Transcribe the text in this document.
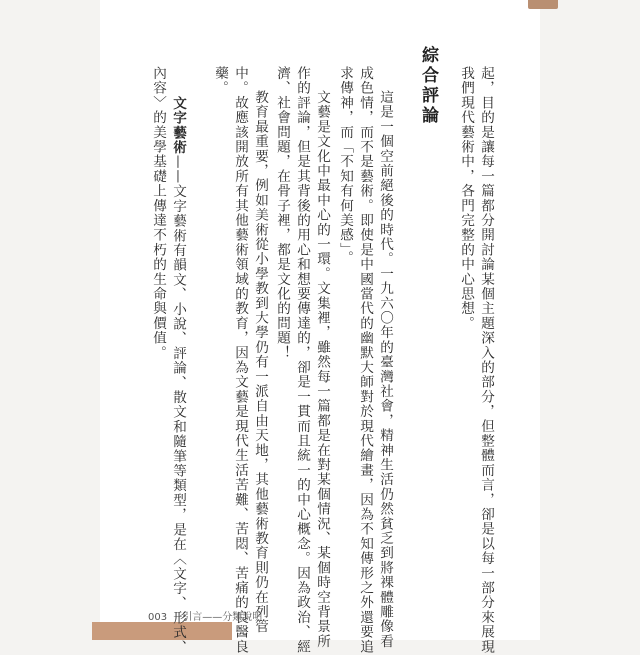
起，目的是讓每一篇都分開討論某個主題深入的部分，但整體而言，卻是以每一部分來展現
我們現代藝術中，各門完整的中心思想。
綜合評論
這是一個空前絕後的時代。一九六〇年的臺灣社會，精神生活仍然貧乏到將裸體雕像看
成色情，而不是藝術。即使是中國當代的幽默大師對於現代繪畫，因為不知傳形之外還要追
求傳神，而「不知有何美感」。
文藝是文化中最中心的一環。文集裡，雖然每一篇都是在對某個情況、某個時空背景所
作的評論，但是其背後的用心和想要傳達的，卻是一貫而且統一的中心概念。因為政治、經
濟、社會問題，在骨子裡，都是文化的問題！
教育最重要，例如美術從小學教到大學仍有一派自由天地，其他藝術教育則仍在列管
中。故應該開放所有其他藝術領域的教育，因為文藝是現代生活苦難、苦悶、苦痛的良醫良
藥。
文字藝術——文字藝術有韻文、小說、評論、散文和隨筆等類型，是在〈文字、形式、
內容〉的美學基礎上傳達不朽的生命與價值。
003 引言——分類說明
